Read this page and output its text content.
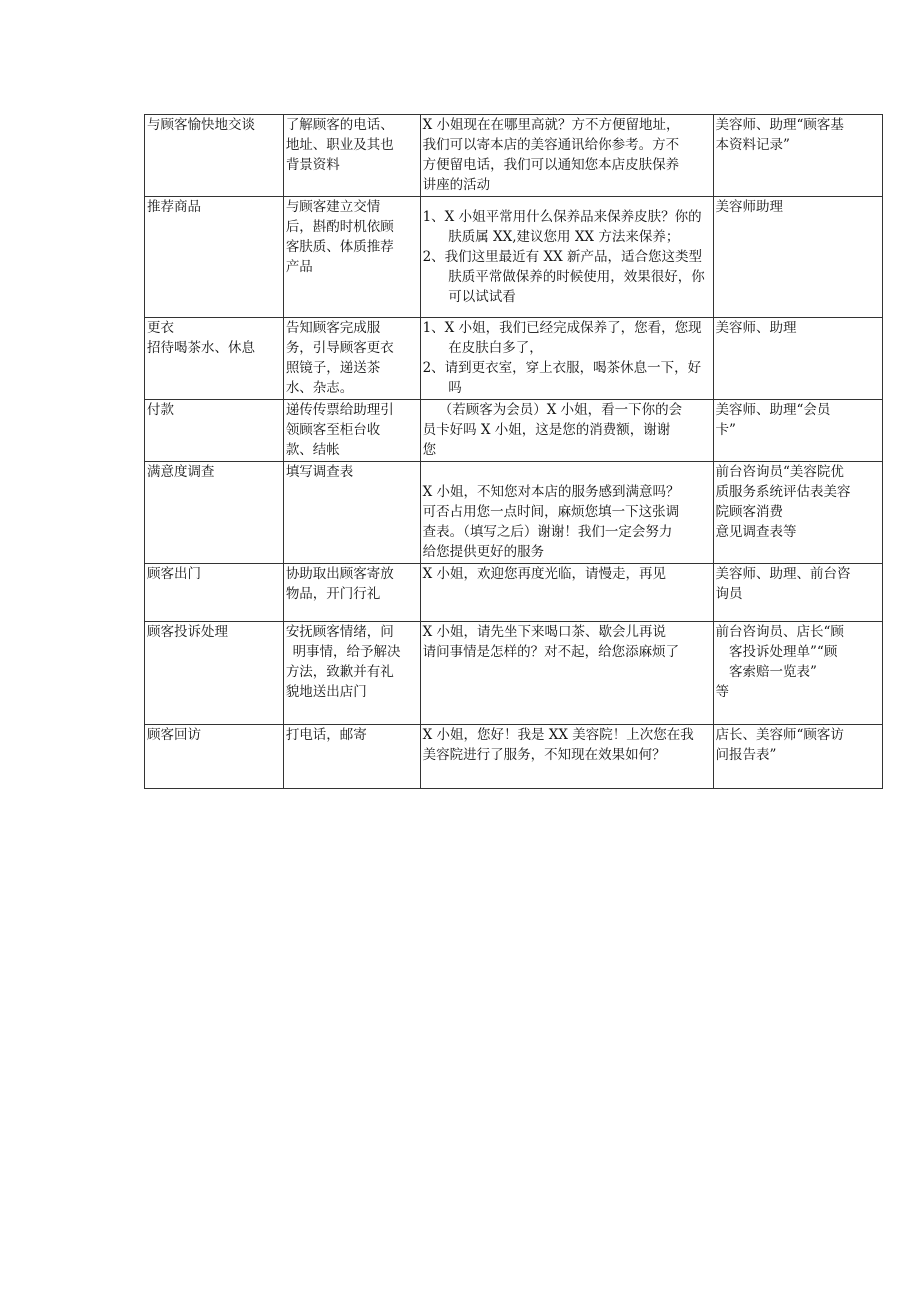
与顾客愉快地交谈	了解顾客的电话、
地址、职业及其也
背景资料	X 小姐现在在哪里高就？方不方便留地址，
我们可以寄本店的美容通讯给你参考。方不
方便留电话，我们可以通知您本店皮肤保养
讲座的活动	美容师、助理“顾客基
本资料记录”

推荐商品	与顾客建立交情
后，斟酌时机依顾
客肤质、体质推荐
产品	1、X 小姐平常用什么保养品来保养皮肤？你的肤质属 XX,建议您用 XX 方法来保养；
2、我们这里最近有 XX 新产品，适合您这类型肤质平常做保养的时候使用，效果很好，你可以试试看	美容师助理

更衣
招待喝茶水、休息	告知顾客完成服
务，引导顾客更衣
照镜子，递送茶
水、杂志。	1、X 小姐，我们已经完成保养了，您看，您现在皮肤白多了，
2、请到更衣室，穿上衣服，喝茶休息一下，好吗	美容师、助理

付款	递传传票给助理引
领顾客至柜台收
款、结帐	（若顾客为会员）X 小姐，看一下你的会
员卡好吗 X 小姐，这是您的消费额，谢谢
您	美容师、助理“会员
卡”

满意度调查	填写调查表	X 小姐，不知您对本店的服务感到满意吗？
可否占用您一点时间，麻烦您填一下这张调
查表。（填写之后）谢谢！我们一定会努力
给您提供更好的服务	前台咨询员“美容院优
质服务系统评估表美容
院顾客消费
意见调查表等

顾客出门	协助取出顾客寄放
物品，开门行礼	X 小姐，欢迎您再度光临，请慢走，再见	美容师、助理、前台咨
询员

顾客投诉处理	安抚顾客情绪，问
明事情，给予解决
方法，致歉并有礼
貌地送出店门	X 小姐，请先坐下来喝口茶、歇会儿再说
请问事情是怎样的？对不起，给您添麻烦了	前台咨询员、店长“顾
客投诉处理单”“顾
客索赔一览表”
等

顾客回访	打电话，邮寄	X 小姐，您好！我是 XX 美容院！上次您在我
美容院进行了服务，不知现在效果如何？	店长、美容师“顾客访
问报告表”
